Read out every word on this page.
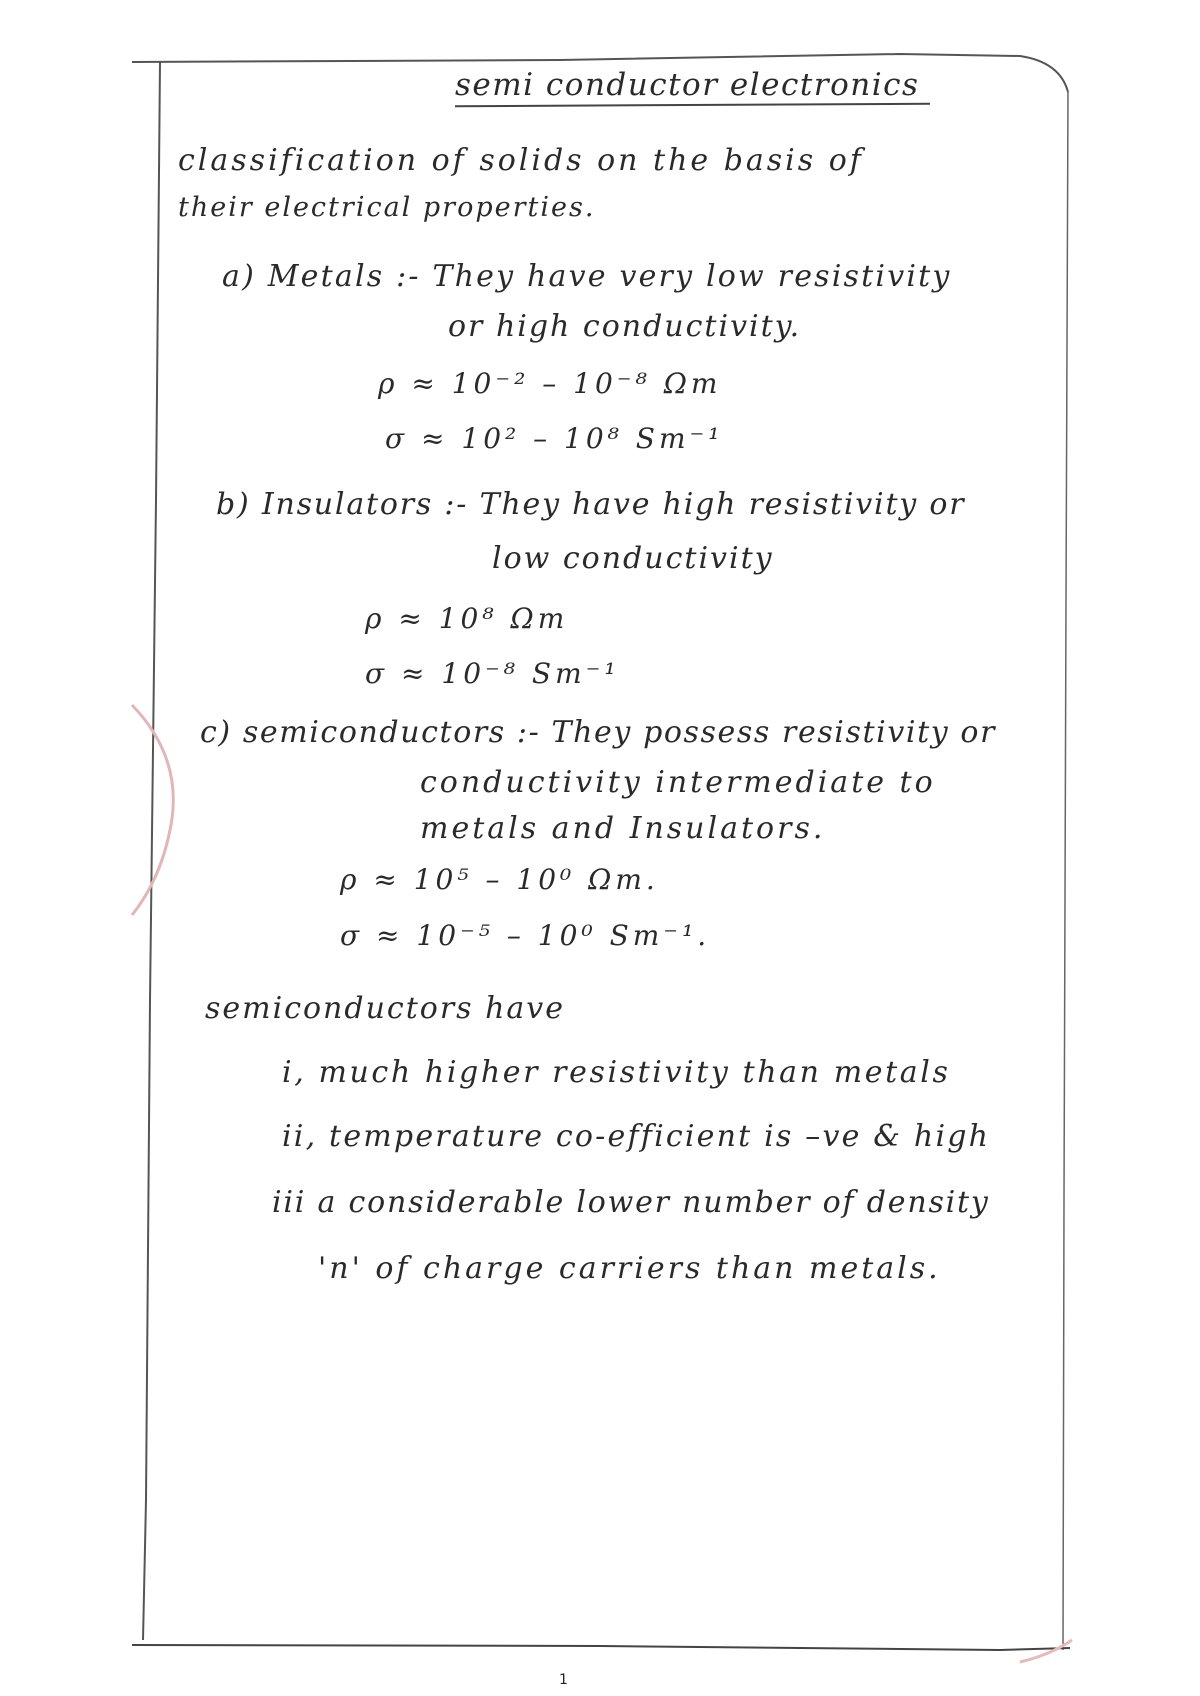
semi conductor electronics
classification of solids on the basis of
their electrical properties.
a) Metals :- They have very low resistivity
or high conductivity.
ρ ≈ 10⁻² – 10⁻⁸ Ωm
σ ≈ 10² – 10⁸ Sm⁻¹
b) Insulators :- They have high resistivity or
low conductivity
ρ ≈ 10⁸ Ωm
σ ≈ 10⁻⁸ Sm⁻¹
c) semiconductors :- They possess resistivity or
conductivity intermediate to
metals and Insulators.
ρ ≈ 10⁵ – 10⁰ Ωm.
σ ≈ 10⁻⁵ – 10⁰ Sm⁻¹.
semiconductors have
i, much higher resistivity than metals
ii, temperature co-efficient is –ve & high
iii a considerable lower number of density
'n' of charge carriers than metals.
1
